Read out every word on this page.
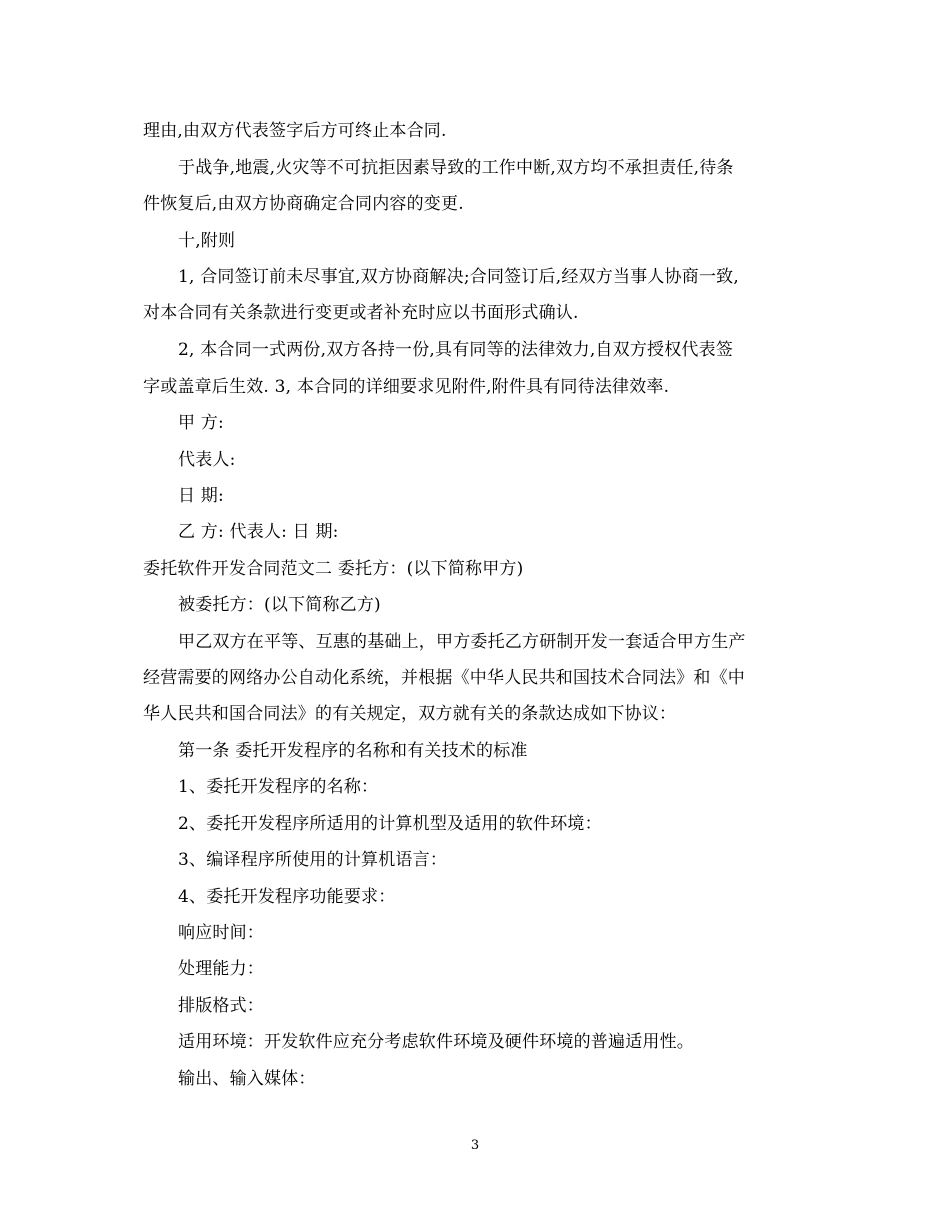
理由,由双方代表签字后方可终止本合同.
于战争,地震,火灾等不可抗拒因素导致的工作中断,双方均不承担责任,待条
件恢复后,由双方协商确定合同内容的变更.
十,附则
1, 合同签订前未尽事宜,双方协商解决;合同签订后,经双方当事人协商一致,
对本合同有关条款进行变更或者补充时应以书面形式确认.
2, 本合同一式两份,双方各持一份,具有同等的法律效力,自双方授权代表签
字或盖章后生效. 3, 本合同的详细要求见附件,附件具有同待法律效率.
甲 方:
代表人:
日 期:
乙 方: 代表人: 日 期:
委托软件开发合同范文二 委托方：(以下简称甲方)
被委托方：(以下简称乙方)
甲乙双方在平等、互惠的基础上，甲方委托乙方研制开发一套适合甲方生产
经营需要的网络办公自动化系统，并根据《中华人民共和国技术合同法》和《中
华人民共和国合同法》的有关规定，双方就有关的条款达成如下协议：
第一条 委托开发程序的名称和有关技术的标准
1、委托开发程序的名称：
2、委托开发程序所适用的计算机型及适用的软件环境：
3、编译程序所使用的计算机语言：
4、委托开发程序功能要求：
响应时间：
处理能力：
排版格式：
适用环境：开发软件应充分考虑软件环境及硬件环境的普遍适用性。
输出、输入媒体：
3
